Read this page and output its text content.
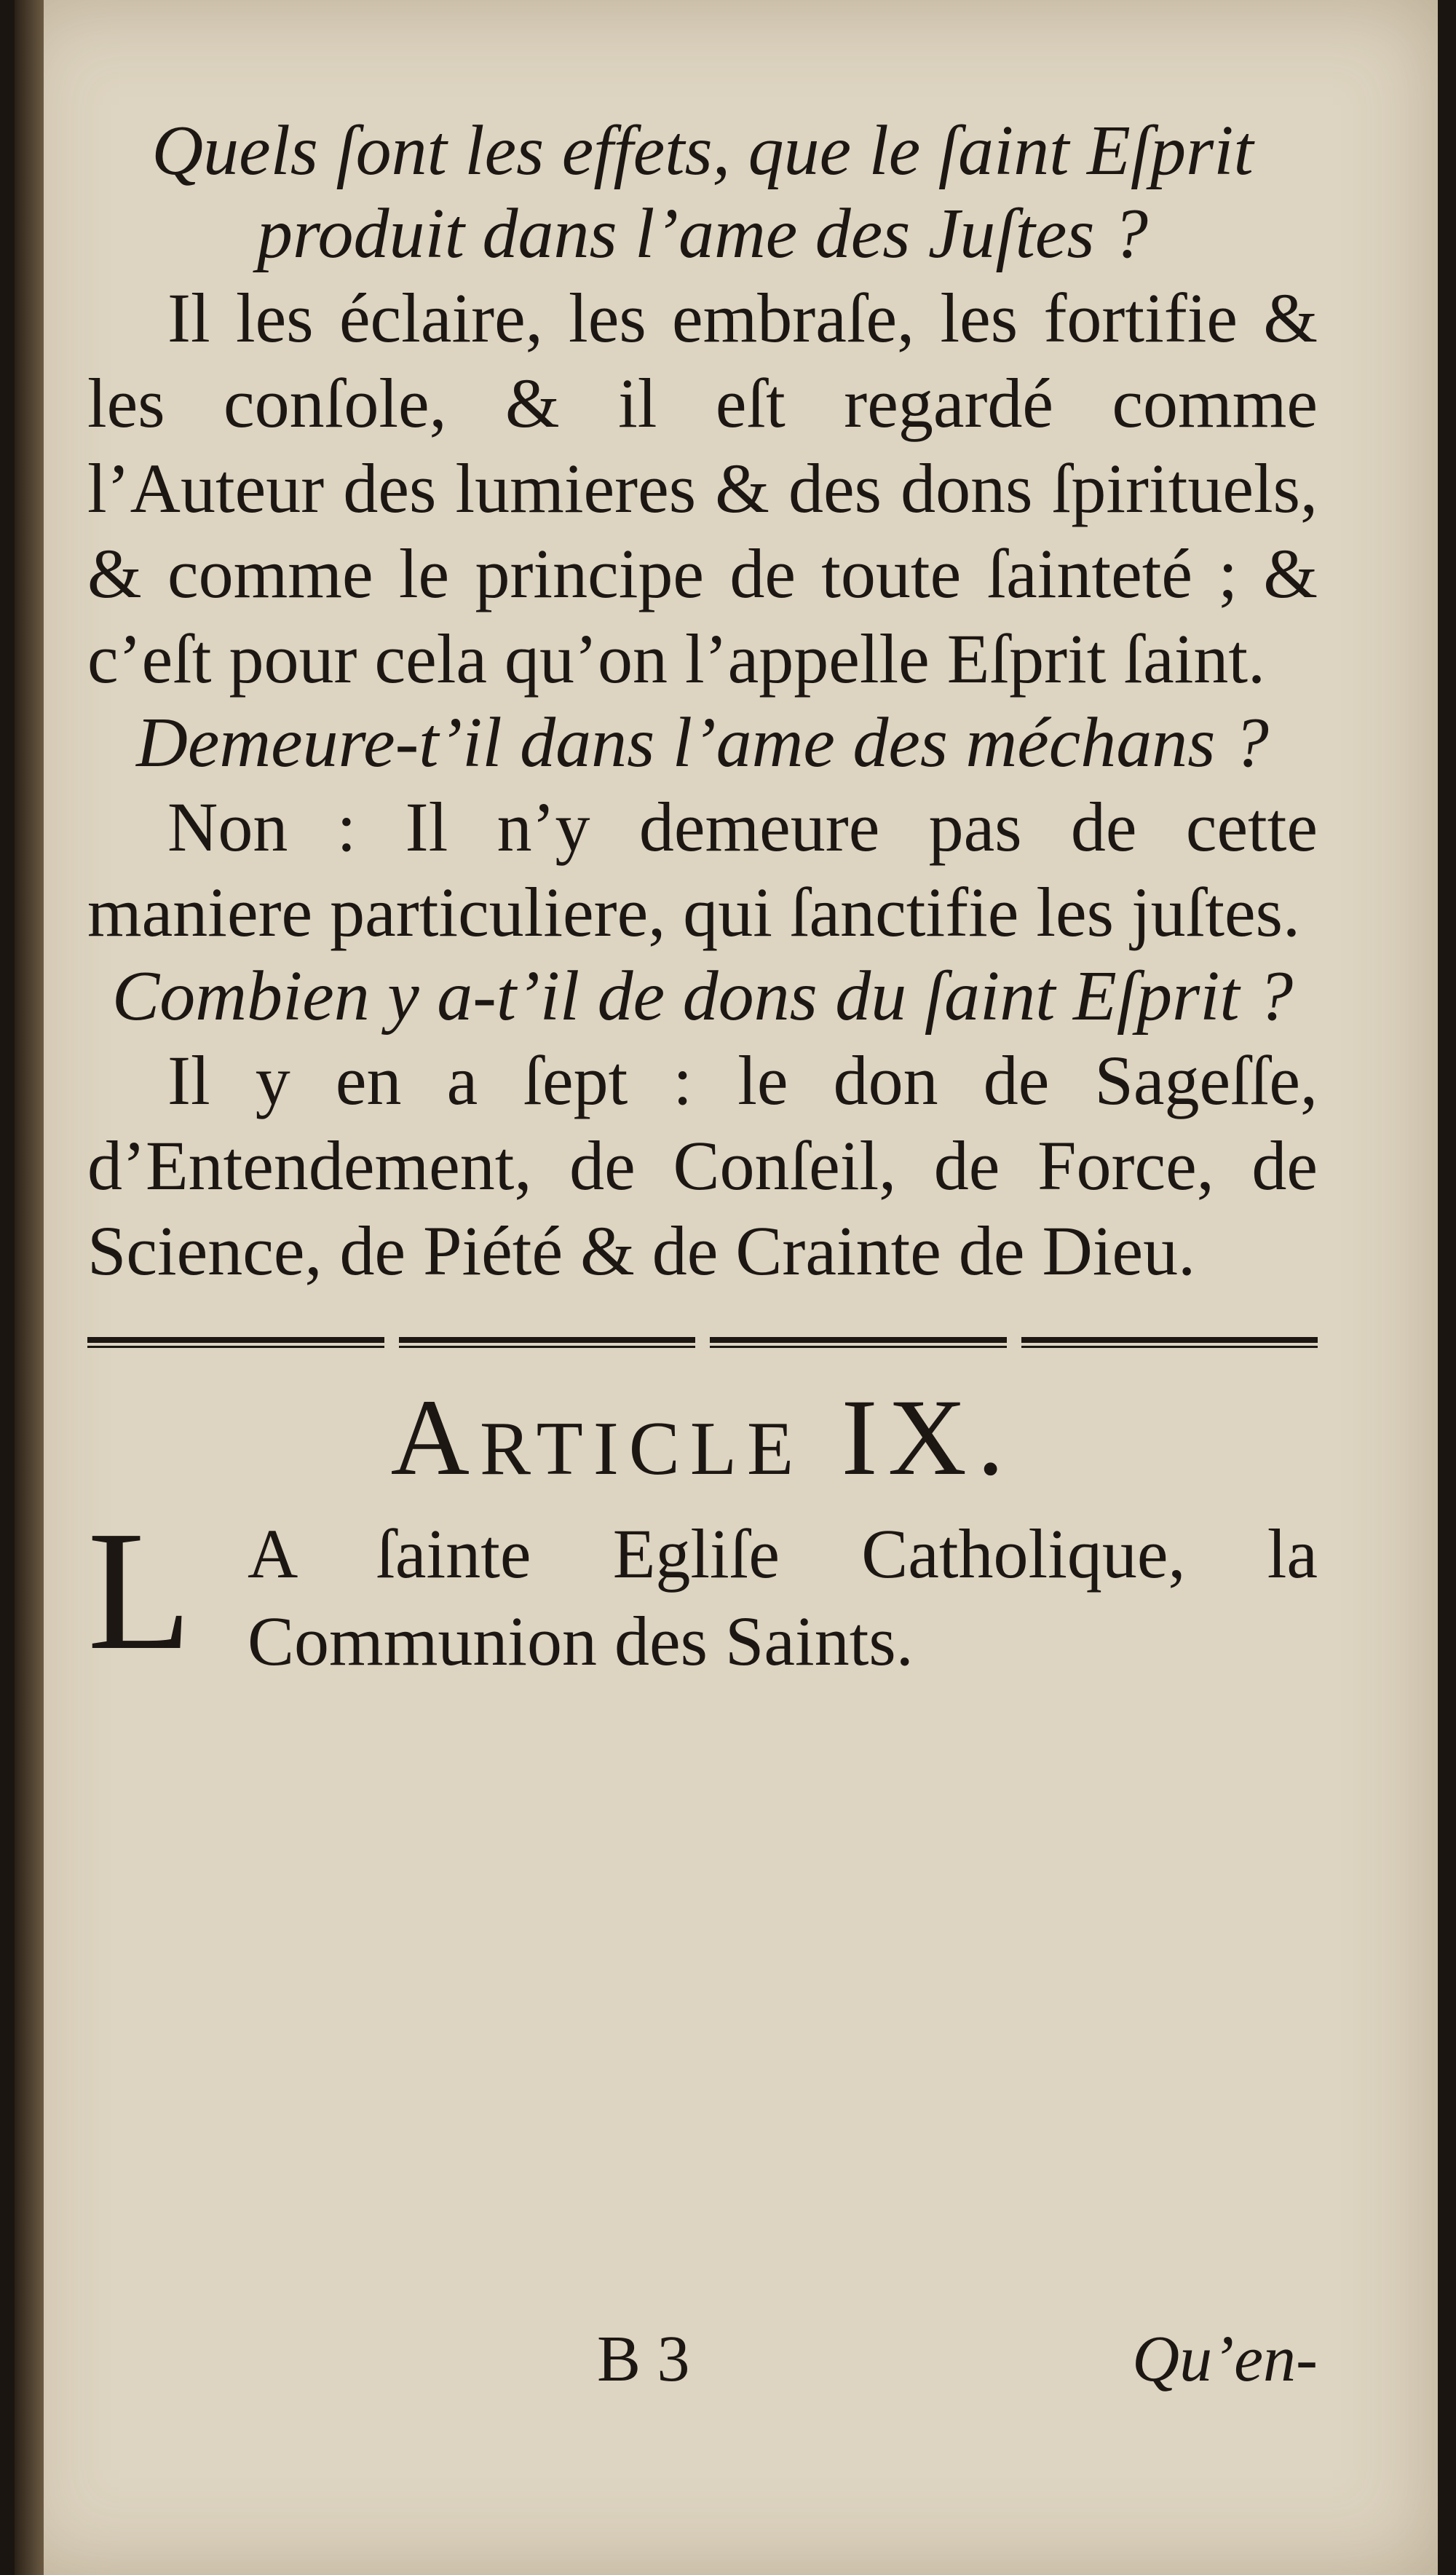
Quels ſont les effets, que le ſaint Eſprit produit dans l’ame des Juſtes ?

Il les éclaire, les embraſe, les fortifie & les conſole, & il eſt regardé comme l’Auteur des lumieres & des dons ſpirituels, & comme le principe de toute ſainteté ; & c’eſt pour cela qu’on l’appelle Eſprit ſaint.

Demeure-t’il dans l’ame des méchans ?

Non : Il n’y demeure pas de cette maniere particuliere, qui ſanctifie les juſtes.

Combien y a-t’il de dons du ſaint Eſprit ?

Il y en a ſept : le don de Sageſſe, d’Entendement, de Conſeil, de Force, de Science, de Piété & de Crainte de Dieu.

Article IX.

L A ſainte Egliſe Catholique, la Communion des Saints.

B 3	Qu’en-
